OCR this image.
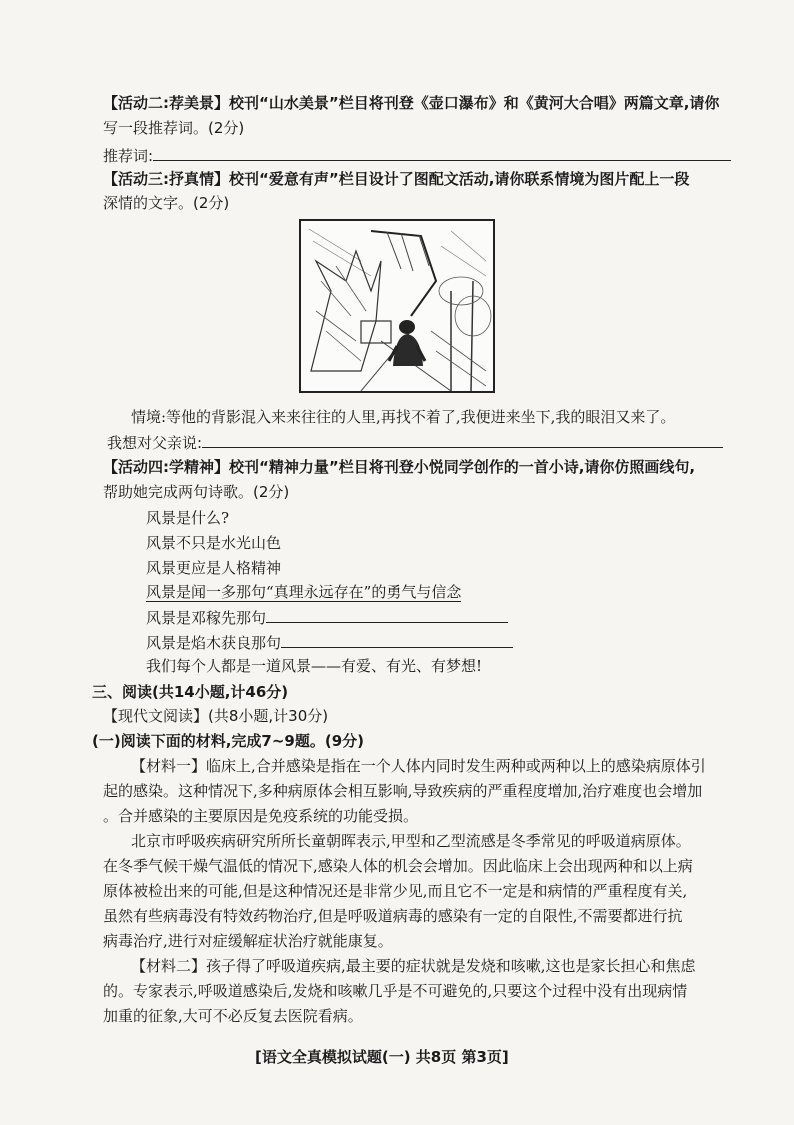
【活动二:荐美景】校刊“山水美景”栏目将刊登《壶口瀑布》和《黄河大合唱》两篇文章,请你
写一段推荐词。(2分)
推荐词:
【活动三:抒真情】校刊“爱意有声”栏目设计了图配文活动,请你联系情境为图片配上一段
深情的文字。(2分)
情境:等他的背影混入来来往往的人里,再找不着了,我便进来坐下,我的眼泪又来了。
我想对父亲说:
【活动四:学精神】校刊“精神力量”栏目将刊登小悦同学创作的一首小诗,请你仿照画线句,
帮助她完成两句诗歌。(2分)
风景是什么?
风景不只是水光山色
风景更应是人格精神
风景是闻一多那句“真理永远存在”的勇气与信念
风景是邓稼先那句
风景是焰木获良那句
我们每个人都是一道风景——有爱、有光、有梦想!
三、阅读(共14小题,计46分)
【现代文阅读】(共8小题,计30分)
(一)阅读下面的材料,完成7~9题。(9分)
【材料一】临床上,合并感染是指在一个人体内同时发生两种或两种以上的感染病原体引
起的感染。这种情况下,多种病原体会相互影响,导致疾病的严重程度增加,治疗难度也会增加
。合并感染的主要原因是免疫系统的功能受损。
北京市呼吸疾病研究所所长童朝晖表示,甲型和乙型流感是冬季常见的呼吸道病原体。
在冬季气候干燥气温低的情况下,感染人体的机会会增加。因此临床上会出现两种和以上病
原体被检出来的可能,但是这种情况还是非常少见,而且它不一定是和病情的严重程度有关,
虽然有些病毒没有特效药物治疗,但是呼吸道病毒的感染有一定的自限性,不需要都进行抗
病毒治疗,进行对症缓解症状治疗就能康复。
【材料二】孩子得了呼吸道疾病,最主要的症状就是发烧和咳嗽,这也是家长担心和焦虑
的。专家表示,呼吸道感染后,发烧和咳嗽几乎是不可避免的,只要这个过程中没有出现病情
加重的征象,大可不必反复去医院看病。
[语文全真模拟试题(一) 共8页 第3页]
